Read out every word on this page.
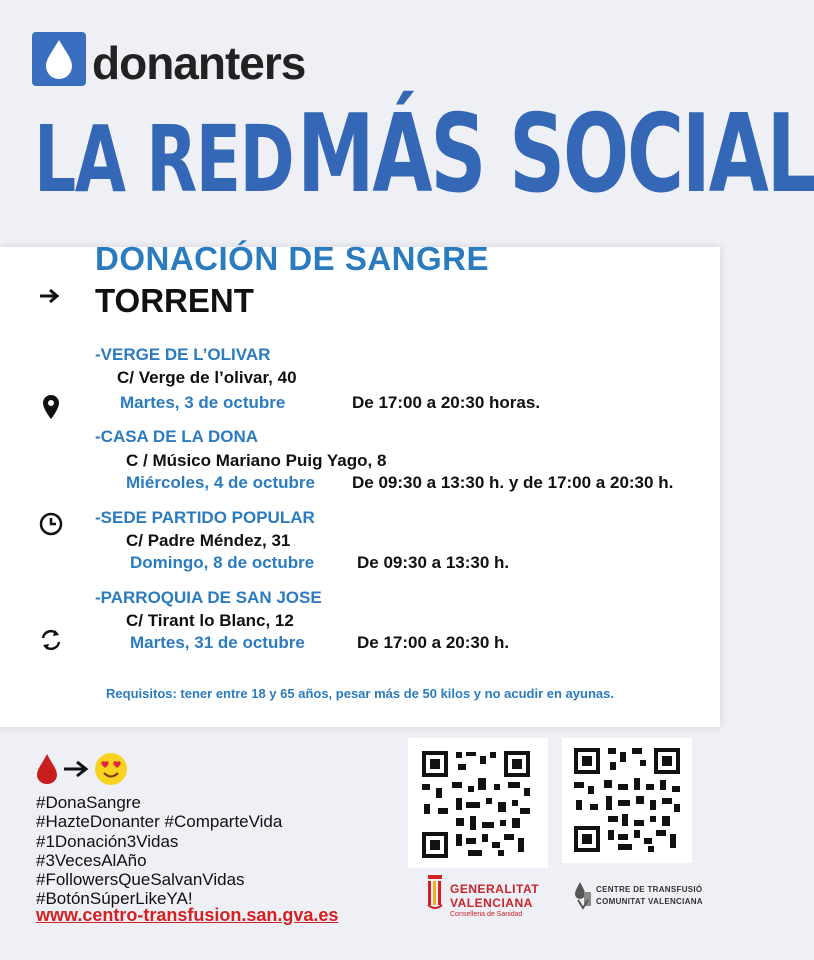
donanters
LA RED MÁS SOCIAL
DONACIÓN DE SANGRE
TORRENT
-VERGE DE L’OLIVAR
C/ Verge de l’olivar, 40
Martes, 3 de octubre	De 17:00 a 20:30 horas.
-CASA DE LA DONA
C / Músico Mariano Puig Yago, 8
Miércoles, 4 de octubre De 09:30 a 13:30 h. y de 17:00 a 20:30 h.
-SEDE PARTIDO POPULAR
C/ Padre Méndez, 31
Domingo, 8 de octubre	De 09:30 a 13:30 h.
-PARROQUIA DE SAN JOSE
C/ Tirant lo Blanc, 12
Martes, 31 de octubre	De 17:00 a 20:30 h.
Requisitos: tener entre 18 y 65 años, pesar más de 50 kilos y no acudir en ayunas.
#DonaSangre
#HazteDonanter #ComparteVida
#1Donación3Vidas
#3VecesAlAño
#FollowersQueSalvanVidas
#BotónSúperLikeYA!
www.centro-transfusion.san.gva.es
GENERALITAT
VALENCIANA
Conselleria de Sanidad
CENTRE DE TRANSFUSIÓ
COMUNITAT VALENCIANA
